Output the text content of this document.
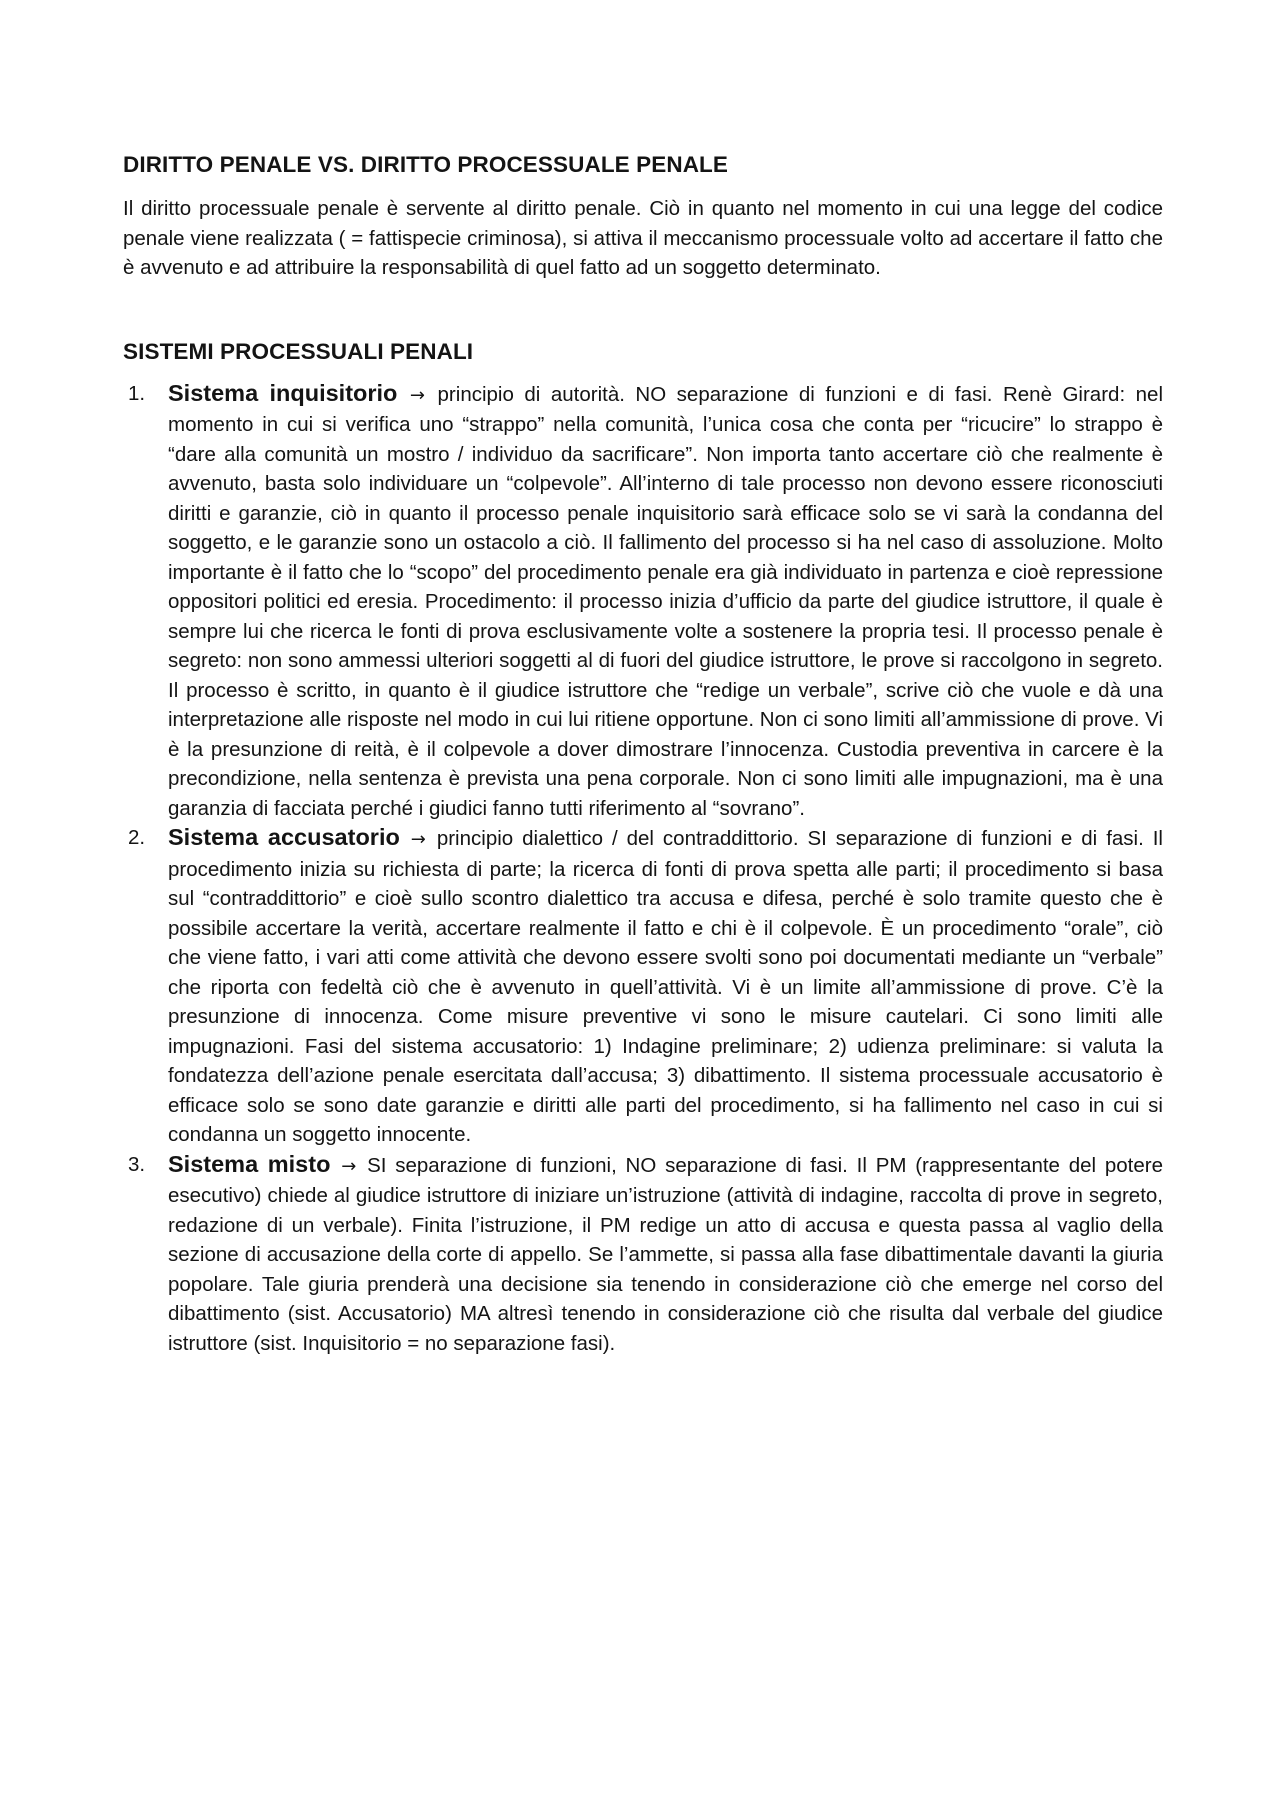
DIRITTO PENALE VS. DIRITTO PROCESSUALE PENALE

Il diritto processuale penale è servente al diritto penale. Ciò in quanto nel momento in cui una legge del codice penale viene realizzata ( = fattispecie criminosa), si attiva il meccanismo processuale volto ad accertare il fatto che è avvenuto e ad attribuire la responsabilità di quel fatto ad un soggetto determinato.

SISTEMI PROCESSUALI PENALI
1. Sistema inquisitorio → principio di autorità. NO separazione di funzioni e di fasi. Renè Girard: nel momento in cui si verifica uno “strappo” nella comunità, l’unica cosa che conta per “ricucire” lo strappo è “dare alla comunità un mostro / individuo da sacrificare”. Non importa tanto accertare ciò che realmente è avvenuto, basta solo individuare un “colpevole”. All’interno di tale processo non devono essere riconosciuti diritti e garanzie, ciò in quanto il processo penale inquisitorio sarà efficace solo se vi sarà la condanna del soggetto, e le garanzie sono un ostacolo a ciò. Il fallimento del processo si ha nel caso di assoluzione. Molto importante è il fatto che lo “scopo” del procedimento penale era già individuato in partenza e cioè repressione oppositori politici ed eresia. Procedimento: il processo inizia d’ufficio da parte del giudice istruttore, il quale è sempre lui che ricerca le fonti di prova esclusivamente volte a sostenere la propria tesi. Il processo penale è segreto: non sono ammessi ulteriori soggetti al di fuori del giudice istruttore, le prove si raccolgono in segreto. Il processo è scritto, in quanto è il giudice istruttore che “redige un verbale”, scrive ciò che vuole e dà una interpretazione alle risposte nel modo in cui lui ritiene opportune. Non ci sono limiti all’ammissione di prove. Vi è la presunzione di reità, è il colpevole a dover dimostrare l’innocenza. Custodia preventiva in carcere è la precondizione, nella sentenza è prevista una pena corporale. Non ci sono limiti alle impugnazioni, ma è una garanzia di facciata perché i giudici fanno tutti riferimento al “sovrano”.
2. Sistema accusatorio → principio dialettico / del contraddittorio. SI separazione di funzioni e di fasi. Il procedimento inizia su richiesta di parte; la ricerca di fonti di prova spetta alle parti; il procedimento si basa sul “contraddittorio” e cioè sullo scontro dialettico tra accusa e difesa, perché è solo tramite questo che è possibile accertare la verità, accertare realmente il fatto e chi è il colpevole. È un procedimento “orale”, ciò che viene fatto, i vari atti come attività che devono essere svolti sono poi documentati mediante un “verbale” che riporta con fedeltà ciò che è avvenuto in quell’attività. Vi è un limite all’ammissione di prove. C’è la presunzione di innocenza. Come misure preventive vi sono le misure cautelari. Ci sono limiti alle impugnazioni. Fasi del sistema accusatorio: 1) Indagine preliminare; 2) udienza preliminare: si valuta la fondatezza dell’azione penale esercitata dall’accusa; 3) dibattimento. Il sistema processuale accusatorio è efficace solo se sono date garanzie e diritti alle parti del procedimento, si ha fallimento nel caso in cui si condanna un soggetto innocente.
3. Sistema misto → SI separazione di funzioni, NO separazione di fasi. Il PM (rappresentante del potere esecutivo) chiede al giudice istruttore di iniziare un’istruzione (attività di indagine, raccolta di prove in segreto, redazione di un verbale). Finita l’istruzione, il PM redige un atto di accusa e questa passa al vaglio della sezione di accusazione della corte di appello. Se l’ammette, si passa alla fase dibattimentale davanti la giuria popolare. Tale giuria prenderà una decisione sia tenendo in considerazione ciò che emerge nel corso del dibattimento (sist. Accusatorio) MA altresì tenendo in considerazione ciò che risulta dal verbale del giudice istruttore (sist. Inquisitorio = no separazione fasi).
